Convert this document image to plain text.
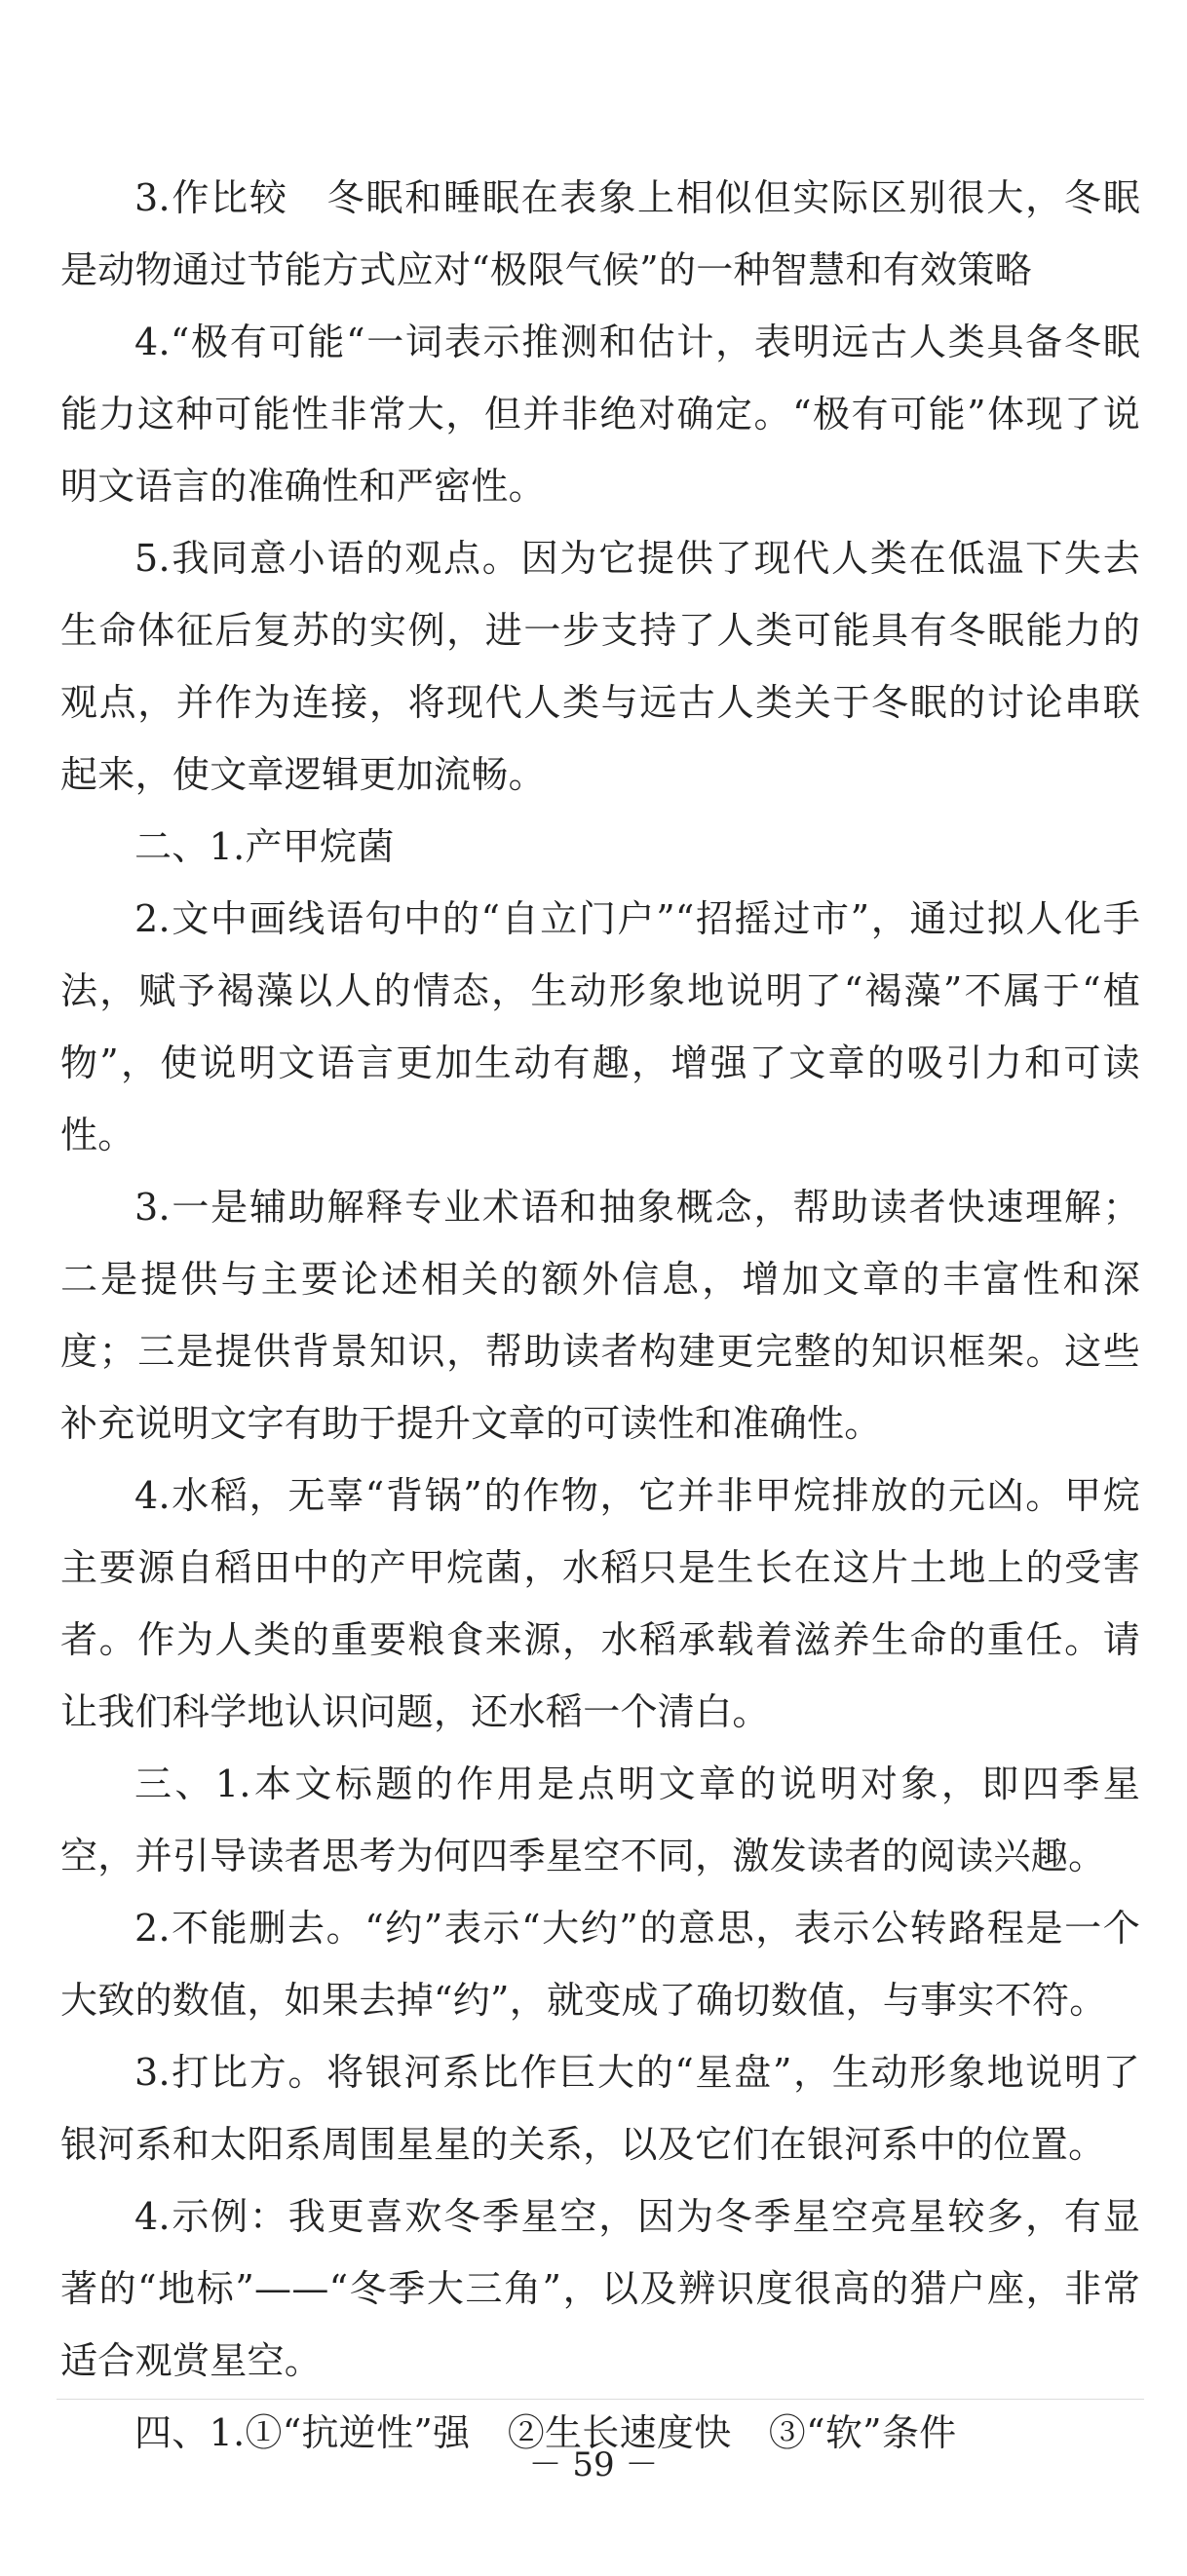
3.作比较　冬眠和睡眠在表象上相似但实际区别很大，冬眠是动物通过节能方式应对“极限气候”的一种智慧和有效策略

4.“极有可能“一词表示推测和估计，表明远古人类具备冬眠能力这种可能性非常大，但并非绝对确定。“极有可能”体现了说明文语言的准确性和严密性。

5.我同意小语的观点。因为它提供了现代人类在低温下失去生命体征后复苏的实例，进一步支持了人类可能具有冬眠能力的观点，并作为连接，将现代人类与远古人类关于冬眠的讨论串联起来，使文章逻辑更加流畅。

二、1.产甲烷菌

2.文中画线语句中的“自立门户”“招摇过市”，通过拟人化手法，赋予褐藻以人的情态，生动形象地说明了“褐藻”不属于“植物”，使说明文语言更加生动有趣，增强了文章的吸引力和可读性。

3.一是辅助解释专业术语和抽象概念，帮助读者快速理解；二是提供与主要论述相关的额外信息，增加文章的丰富性和深度；三是提供背景知识，帮助读者构建更完整的知识框架。这些补充说明文字有助于提升文章的可读性和准确性。

4.水稻，无辜“背锅”的作物，它并非甲烷排放的元凶。甲烷主要源自稻田中的产甲烷菌，水稻只是生长在这片土地上的受害者。作为人类的重要粮食来源，水稻承载着滋养生命的重任。请让我们科学地认识问题，还水稻一个清白。

三、1.本文标题的作用是点明文章的说明对象，即四季星空，并引导读者思考为何四季星空不同，激发读者的阅读兴趣。

2.不能删去。“约”表示“大约”的意思，表示公转路程是一个大致的数值，如果去掉“约”，就变成了确切数值，与事实不符。

3.打比方。将银河系比作巨大的“星盘”，生动形象地说明了银河系和太阳系周围星星的关系，以及它们在银河系中的位置。

4.示例：我更喜欢冬季星空，因为冬季星空亮星较多，有显著的“地标”——“冬季大三角”，以及辨识度很高的猎户座，非常适合观赏星空。

四、1.①“抗逆性”强　②生长速度快　③“软”条件

－ 59 －
